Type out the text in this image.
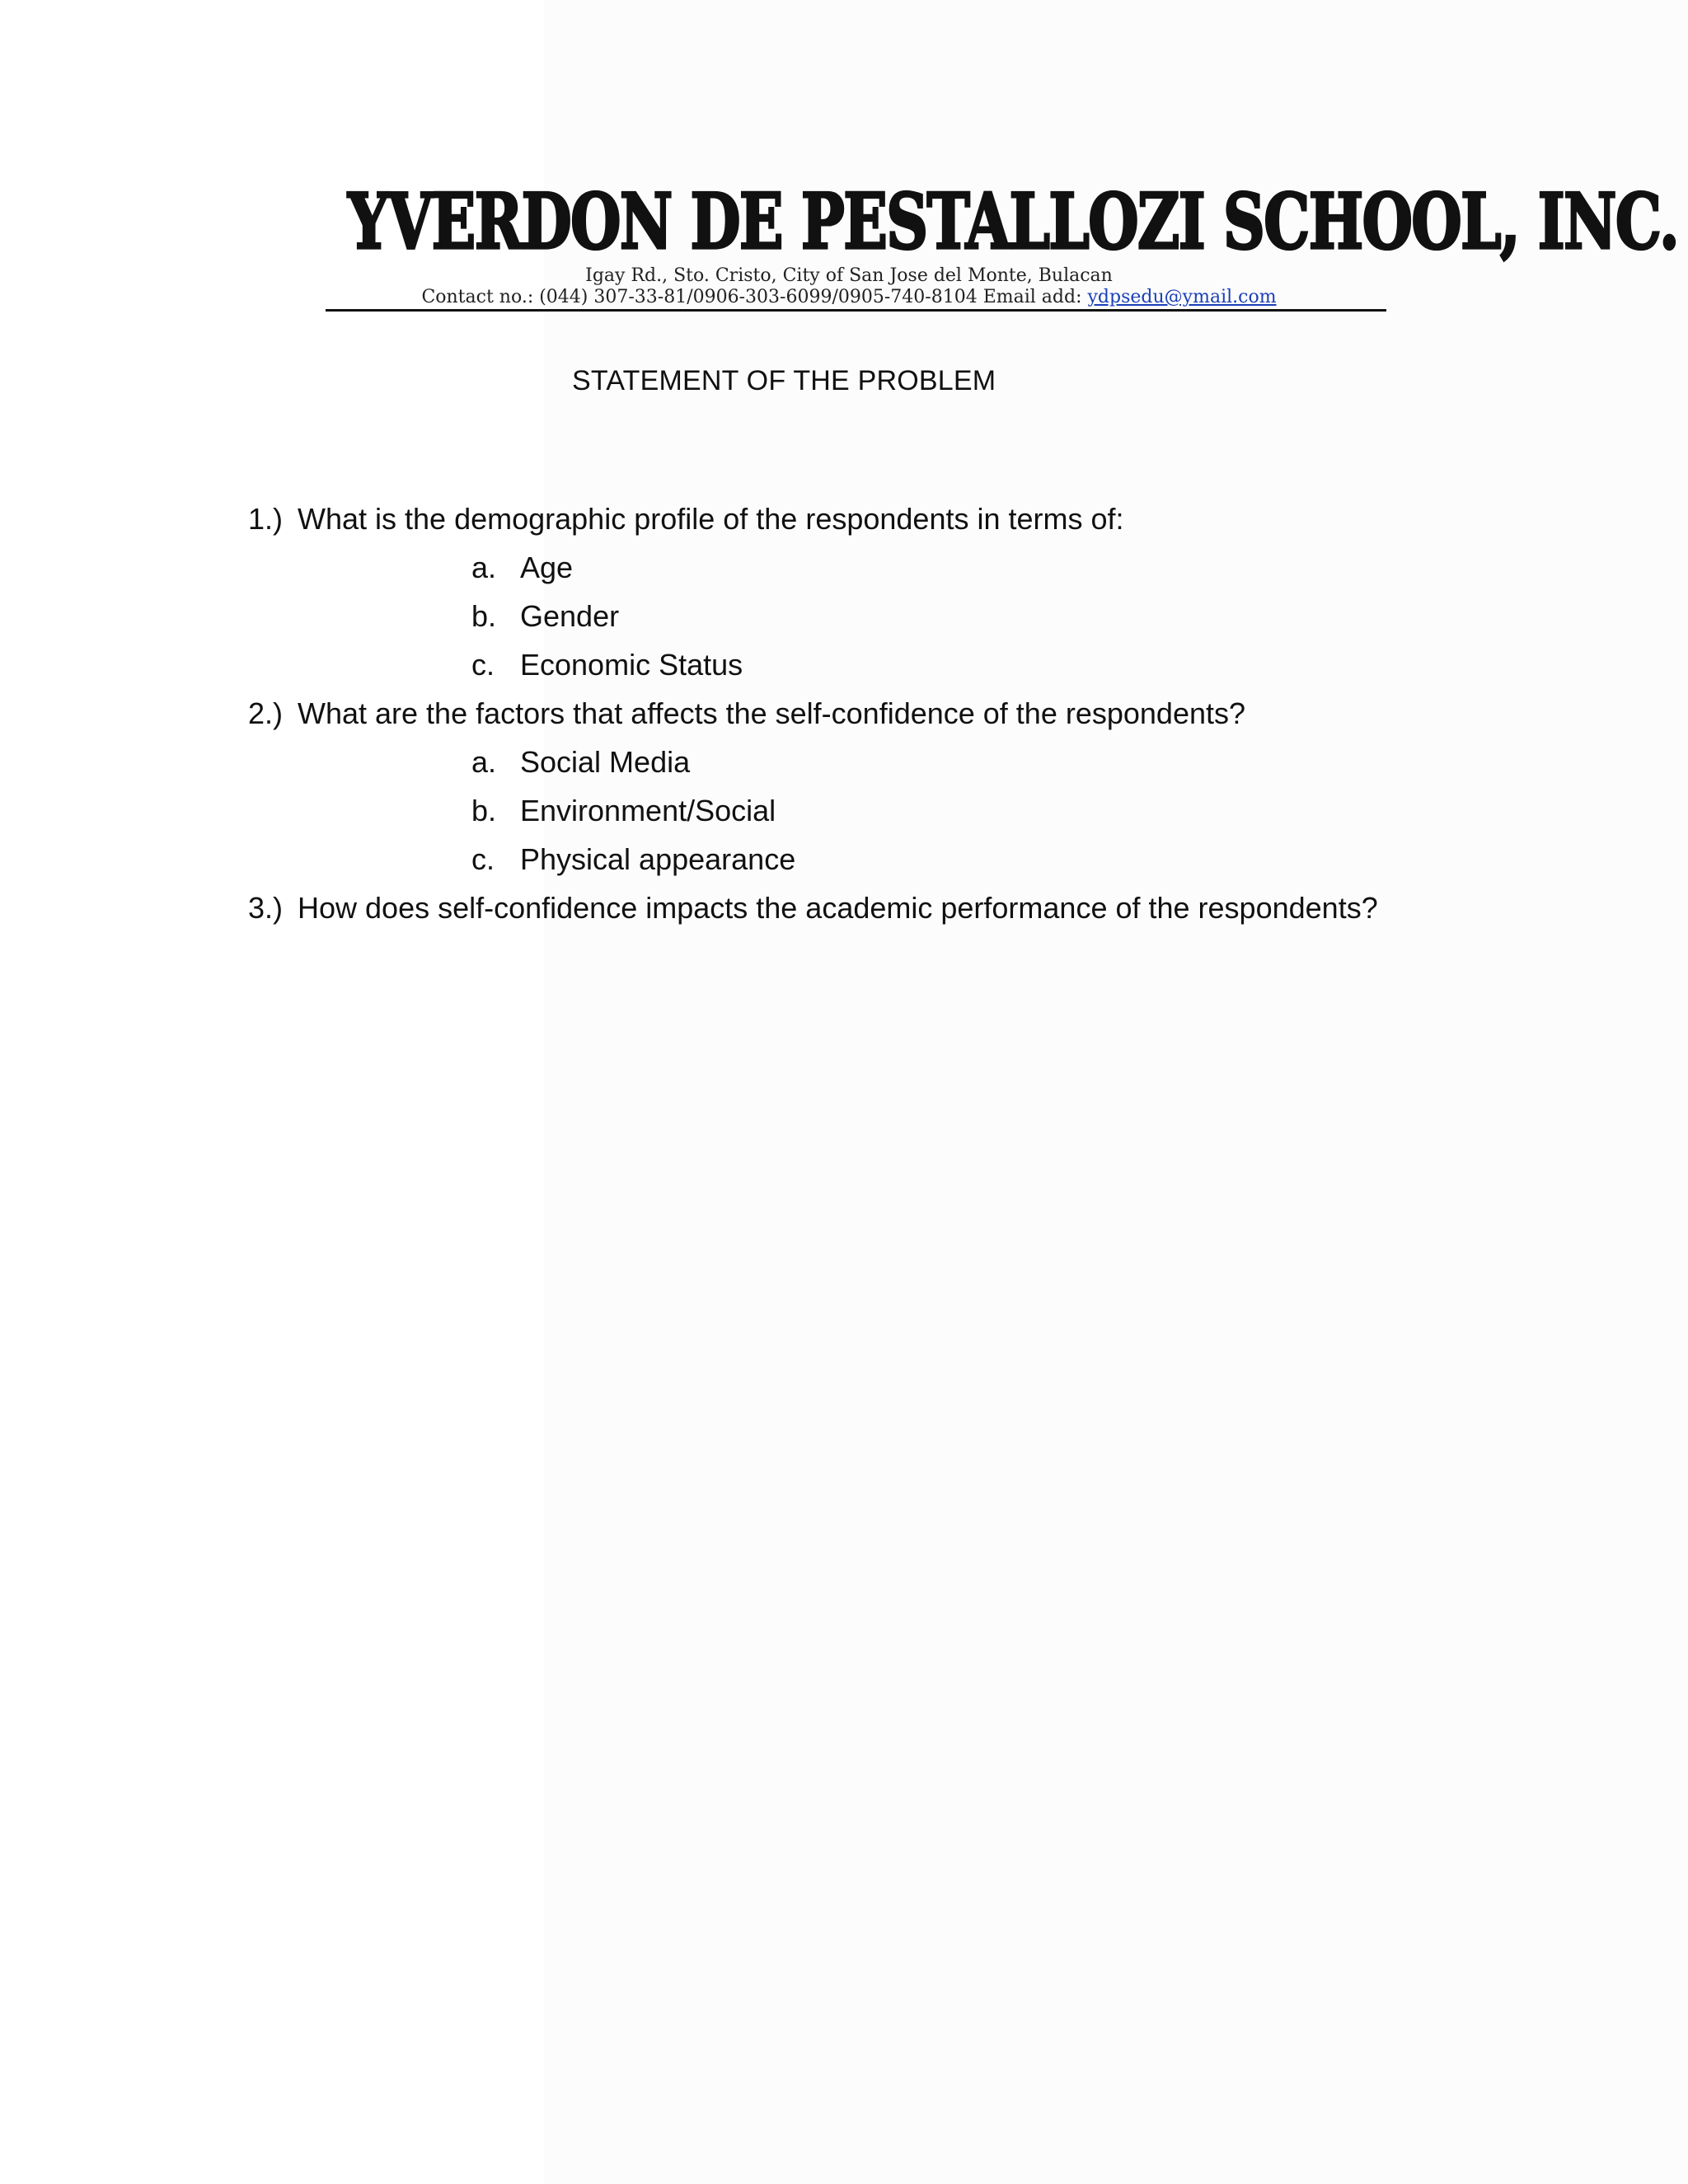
YVERDON DE PESTALLOZI SCHOOL, INC.
Igay Rd., Sto. Cristo, City of San Jose del Monte, Bulacan
Contact no.: (044) 307-33-81/0906-303-6099/0905-740-8104 Email add: ydpsedu@ymail.com
STATEMENT OF THE PROBLEM
1.) What is the demographic profile of the respondents in terms of:
a. Age
b. Gender
c. Economic Status
2.) What are the factors that affects the self-confidence of the respondents?
a. Social Media
b. Environment/Social
c. Physical appearance
3.) How does self-confidence impacts the academic performance of the respondents?
